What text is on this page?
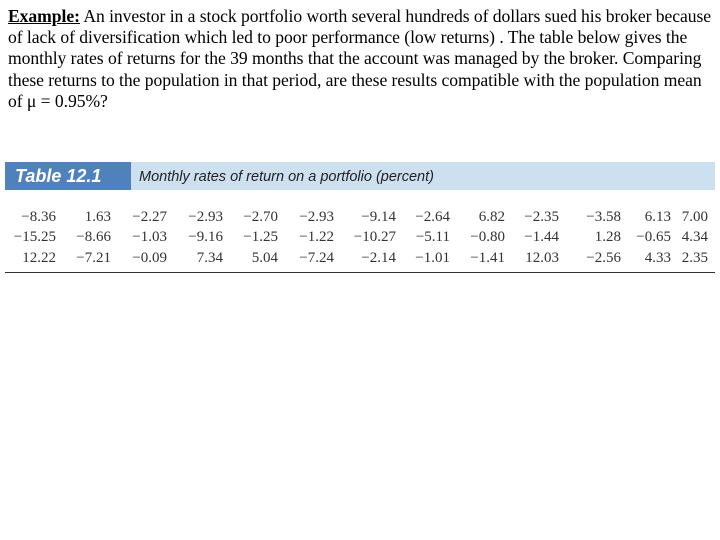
Example: An investor in a stock portfolio worth several hundreds of dollars sued his broker because of lack of diversification which led to poor performance (low returns) . The table below gives the monthly rates of returns for the 39 months that the account was managed by the broker. Comparing these returns to the population in that period, are these results compatible with the population mean of μ = 0.95%?
Table 12.1	Monthly rates of return on a portfolio (percent)
−8.36	1.63	−2.27	−2.93	−2.70	−2.93	−9.14	−2.64	6.82	−2.35	−3.58	6.13	7.00
−15.25	−8.66	−1.03	−9.16	−1.25	−1.22	−10.27	−5.11	−0.80	−1.44	1.28	−0.65	4.34
12.22	−7.21	−0.09	7.34	5.04	−7.24	−2.14	−1.01	−1.41	12.03	−2.56	4.33	2.35
